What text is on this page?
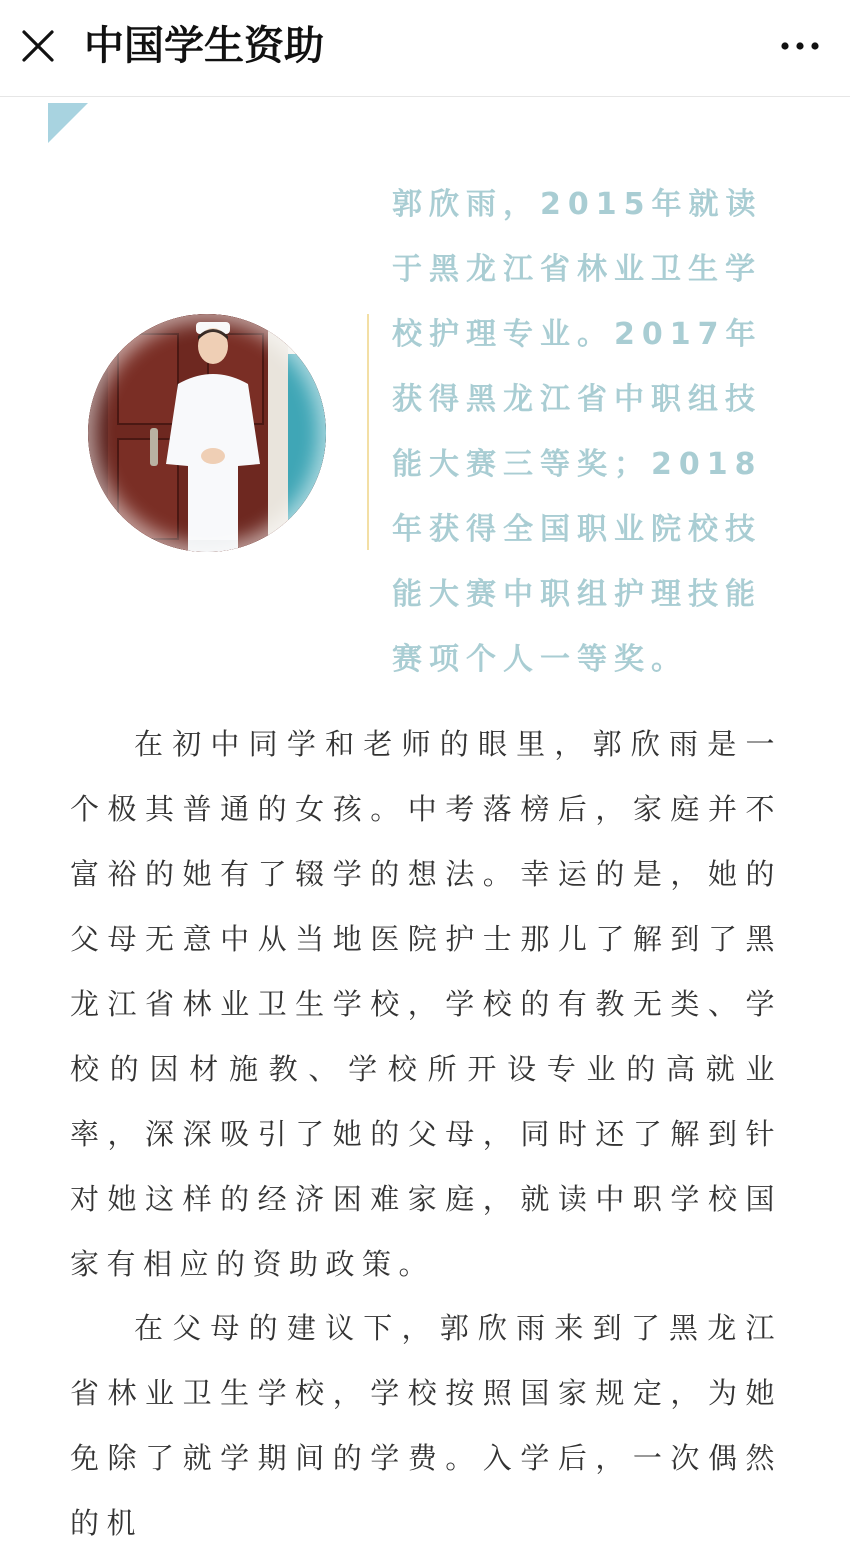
中国学生资助
郭欣雨，2015年就读于黑龙江省林业卫生学校护理专业。2017年获得黑龙江省中职组技能大赛三等奖；2018年获得全国职业院校技能大赛中职组护理技能赛项个人一等奖。

在初中同学和老师的眼里，郭欣雨是一个极其普通的女孩。中考落榜后，家庭并不富裕的她有了辍学的想法。幸运的是，她的父母无意中从当地医院护士那儿了解到了黑龙江省林业卫生学校，学校的有教无类、学校的因材施教、学校所开设专业的高就业率，深深吸引了她的父母，同时还了解到针对她这样的经济困难家庭，就读中职学校国家有相应的资助政策。

在父母的建议下，郭欣雨来到了黑龙江省林业卫生学校，学校按照国家规定，为她免除了就学期间的学费。入学后，一次偶然的机
